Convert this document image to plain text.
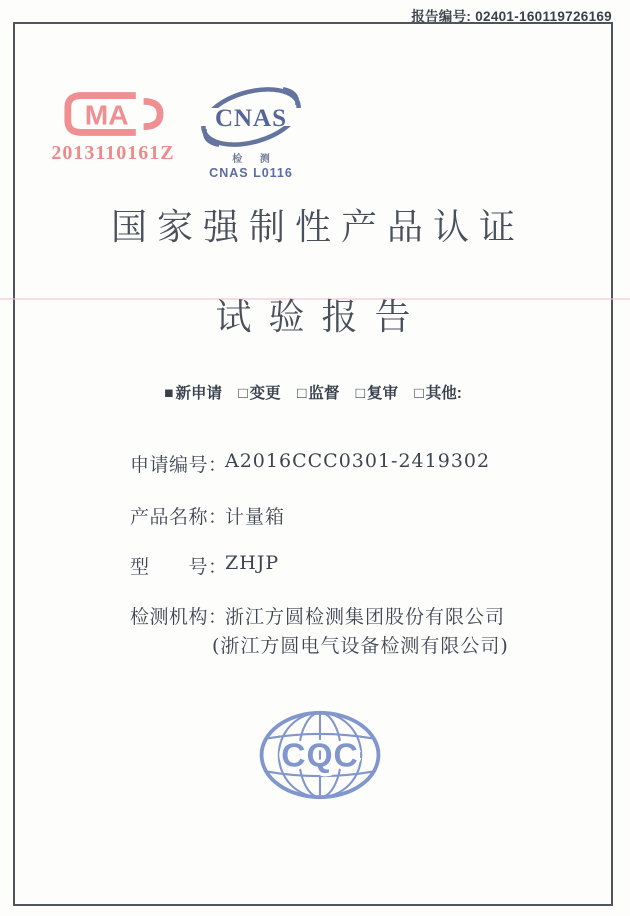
报告编号: 02401-160119726169
MA
2013110161Z
CNAS
检 测
CNAS L0116
国家强制性产品认证
试验报告
■ 新申请 □ 变更 □ 监督 □ 复审 □ 其他:
申请编号：
A2016CCC0301-2419302
产品名称：
计量箱
型　　号：
ZHJP
检测机构：
浙江方圆检测集团股份有限公司
(浙江方圆电气设备检测有限公司)
CQC
